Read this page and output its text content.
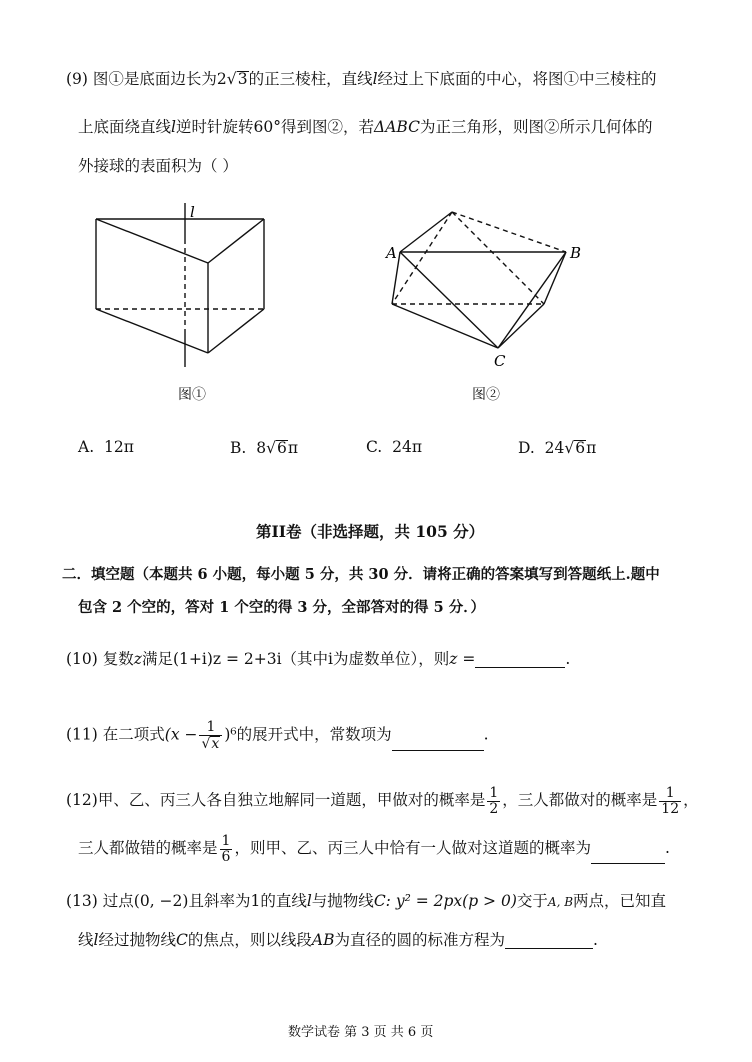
(9) 图①是底面边长为2√3的正三棱柱，直线l经过上下底面的中心，将图①中三棱柱的
上底面绕直线l逆时针旋转60°得到图②，若ΔABC为正三角形，则图②所示几何体的
外接球的表面积为（ ）
l
图①
A	B
C
图②
A. 12π	B. 8√6π	C. 24π	D. 24√6π
第II卷（非选择题，共 105 分）
二．填空题（本题共 6 小题，每小题 5 分，共 30 分．请将正确的答案填写到答题纸上.题中
包含 2 个空的，答对 1 个空的得 3 分，全部答对的得 5 分．）
(10) 复数z满足(1+i)z = 2+3i（其中i为虚数单位），则z =	.
(11) 在二项式$(x - \frac{1}{√x} )^6$的展开式中，常数项为	.
(12)甲、乙、丙三人各自独立地解同一道题，甲做对的概率是 $\frac{1}{2}$ ，三人都做对的概率是 $\frac{1}{12}$ ，
三人都做错的概率是 $\frac{1}{6}$ ，则甲、乙、丙三人中恰有一人做对这道题的概率为	.
(13) 过点(0, −2)且斜率为1的直线l与抛物线C: y² = 2px(p > 0)交于A, B两点，已知直
线l经过抛物线C的焦点，则以线段AB为直径的圆的标准方程为	.
数学试卷 第 3 页 共 6 页
